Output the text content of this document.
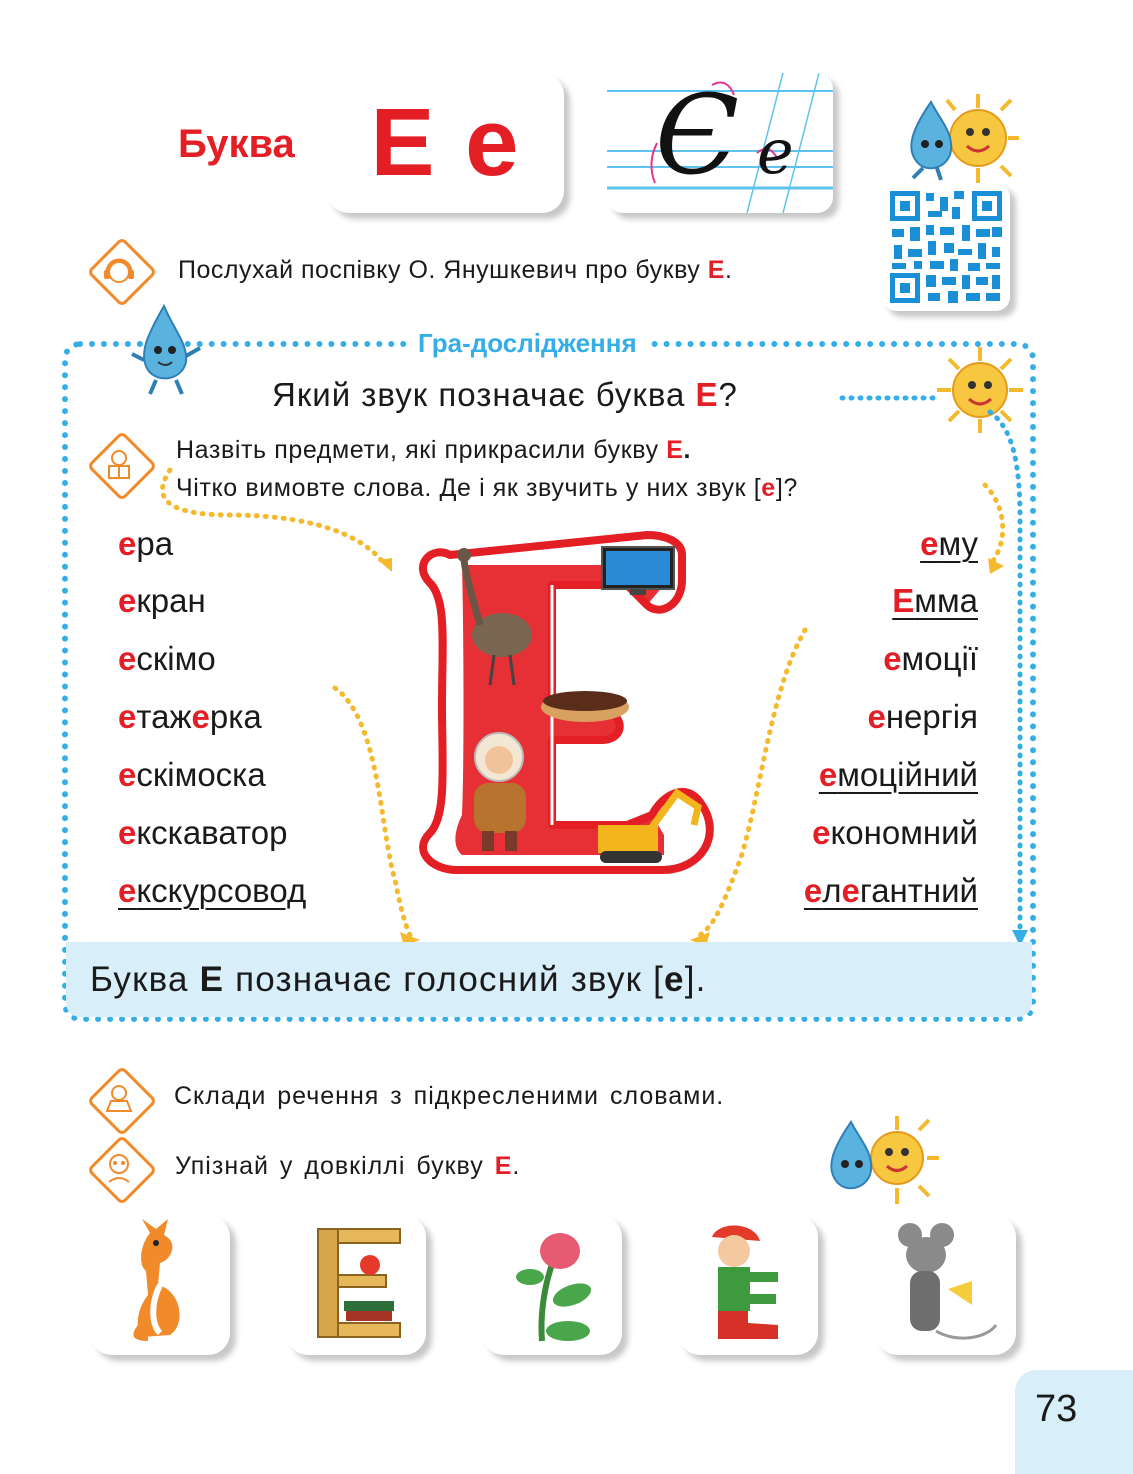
Буква Е е	Є е
Послухай поспівку О. Янушкевич про букву Е.
Гра-дослідження
Який звук позначає буква Е?
Назвіть предмети, які прикрасили букву Е.
Чітко вимовте слова. Де і як звучить у них звук [е]?
ера
екран
ескімо
етажерка
ескімоска
екскаватор
екскурсовод
ему
Емма
емоції
енергія
емоційний
економний
елегантний
Буква Е позначає голосний звук [е].
Склади речення з підкресленими словами.
Упізнай у довкіллі букву Е.
73
